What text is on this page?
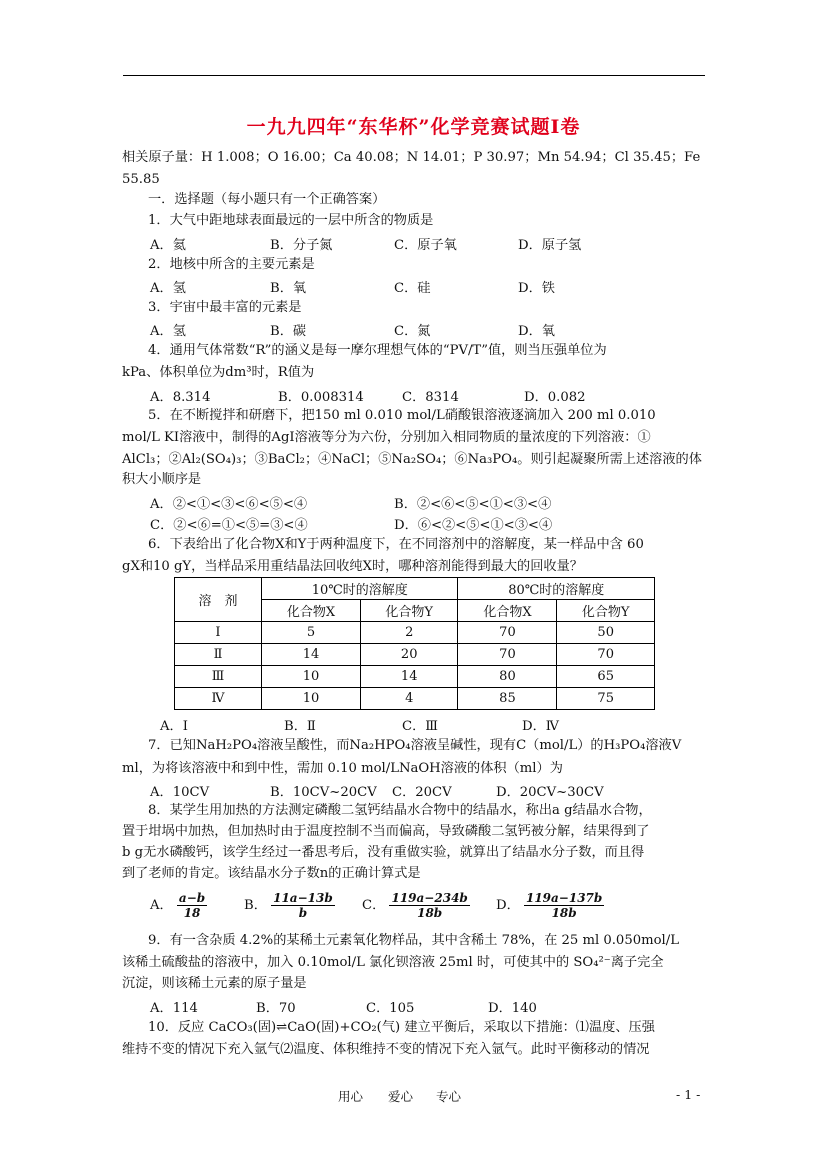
一九九四年“东华杯”化学竞赛试题Ⅰ卷
相关原子量：H 1.008；O 16.00；Ca 40.08；N 14.01；P 30.97；Mn 54.94；Cl 35.45；Fe
55.85
一．选择题（每小题只有一个正确答案）
1．大气中距地球表面最远的一层中所含的物质是
A．氦	B．分子氮	C．原子氧	D．原子氢
2．地核中所含的主要元素是
A．氢	B．氧	C．硅	D．铁
3．宇宙中最丰富的元素是
A．氢	B．碳	C．氮	D．氧
4．通用气体常数“R”的涵义是每一摩尔理想气体的“PV/T”值，则当压强单位为
kPa、体积单位为dm³时，R值为
A．8.314	B．0.008314	C．8314	D．0.082
5．在不断搅拌和研磨下，把150 ml 0.010 mol/L硝酸银溶液逐滴加入 200 ml 0.010
mol/L KI溶液中，制得的AgI溶液等分为六份，分别加入相同物质的量浓度的下列溶液：①
AlCl₃；②Al₂(SO₄)₃；③BaCl₂；④NaCl；⑤Na₂SO₄；⑥Na₃PO₄。则引起凝聚所需上述溶液的体
积大小顺序是
A．②<①<③<⑥<⑤<④	B．②<⑥<⑤<①<③<④
C．②<⑥=①<⑤=③<④	D．⑥<②<⑤<①<③<④
6．下表给出了化合物X和Y于两种温度下，在不同溶剂中的溶解度，某一样品中含 60
gX和10 gY，当样品采用重结晶法回收纯X时，哪种溶剂能得到最大的回收量？
溶　剂	10℃时的溶解度		80℃时的溶解度	
	化合物X	化合物Y	化合物X	化合物Y
Ⅰ	5	2	70	50
Ⅱ	14	20	70	70
Ⅲ	10	14	80	65
Ⅳ	10	4	85	75
A．Ⅰ	B．Ⅱ	C．Ⅲ	D．Ⅳ
7．已知NaH₂PO₄溶液呈酸性，而Na₂HPO₄溶液呈碱性，现有C（mol/L）的H₃PO₄溶液V
ml，为将该溶液中和到中性，需加 0.10 mol/LNaOH溶液的体积（ml）为
A．10CV	B．10CV~20CV C．20CV	D．20CV~30CV
8．某学生用加热的方法测定磷酸二氢钙结晶水合物中的结晶水，称出a g结晶水合物，
置于坩埚中加热，但加热时由于温度控制不当而偏高，导致磷酸二氢钙被分解，结果得到了
b g无水磷酸钙，该学生经过一番思考后，没有重做实验，就算出了结晶水分子数，而且得
到了老师的肯定。该结晶水分子数n的正确计算式是
A． $\frac{a-b}{18}$	B． $\frac{11a-13b}{b}$ C． $\frac{119a-234b}{18b}$ D． $\frac{119a-137b}{18b}$
9．有一含杂质 4.2%的某稀土元素氧化物样品，其中含稀土 78%，在 25 ml 0.050mol/L
该稀土硫酸盐的溶液中，加入 0.10mol/L 氯化钡溶液 25ml 时，可使其中的 SO₄²⁻离子完全
沉淀，则该稀土元素的原子量是
A．114	B．70	C．105	D．140
10．反应 CaCO₃(固)⇌CaO(固)+CO₂(气) 建立平衡后，采取以下措施：⑴温度、压强
维持不变的情况下充入氩气⑵温度、体积维持不变的情况下充入氩气。此时平衡移动的情况
用心 爱心 专心	- 1 -
